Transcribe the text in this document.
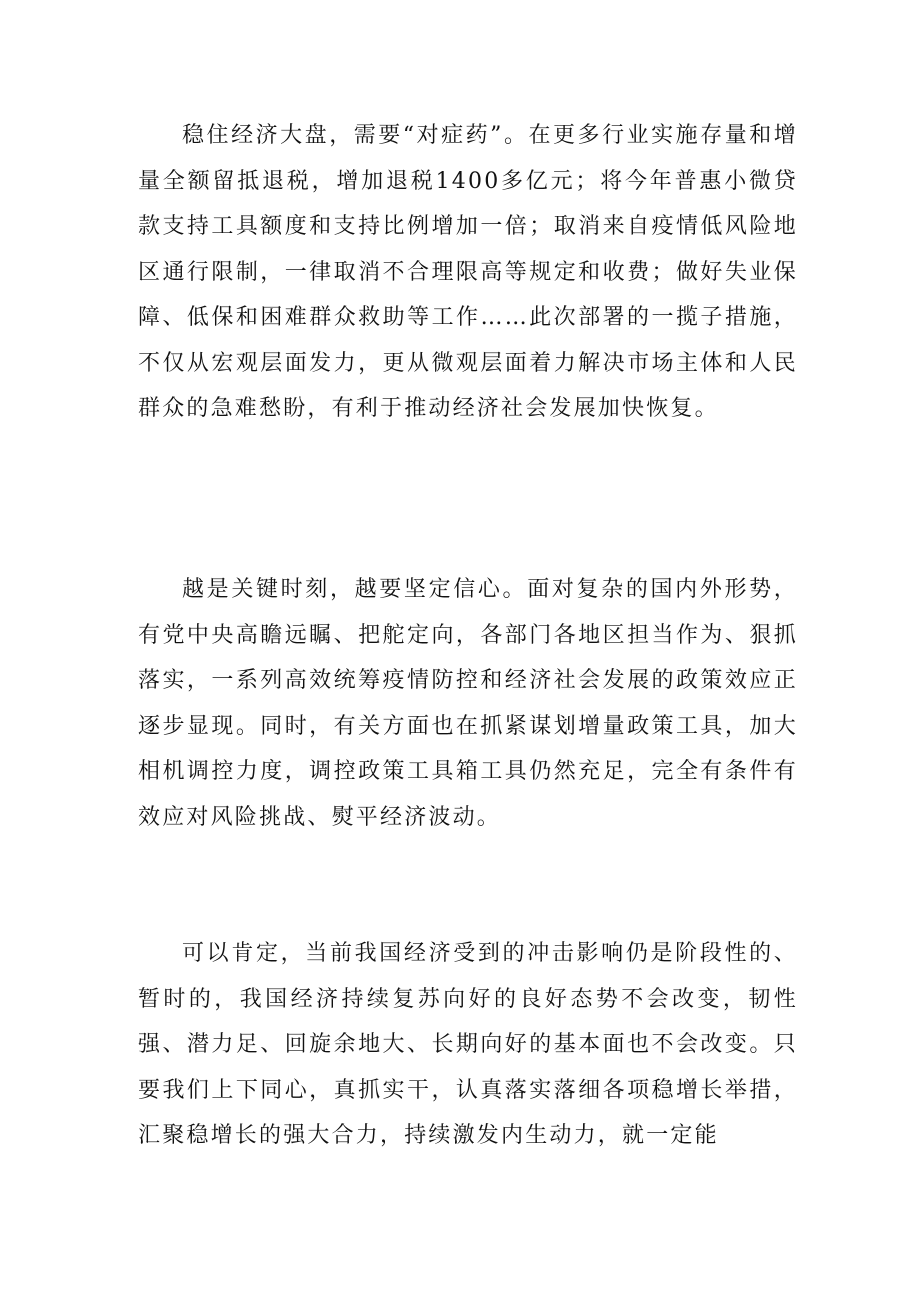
稳住经济大盘，需要“对症药”。在更多行业实施存量和增量全额留抵退税，增加退税1400多亿元；将今年普惠小微贷款支持工具额度和支持比例增加一倍；取消来自疫情低风险地区通行限制，一律取消不合理限高等规定和收费；做好失业保障、低保和困难群众救助等工作……此次部署的一揽子措施，不仅从宏观层面发力，更从微观层面着力解决市场主体和人民群众的急难愁盼，有利于推动经济社会发展加快恢复。

越是关键时刻，越要坚定信心。面对复杂的国内外形势，有党中央高瞻远瞩、把舵定向，各部门各地区担当作为、狠抓落实，一系列高效统筹疫情防控和经济社会发展的政策效应正逐步显现。同时，有关方面也在抓紧谋划增量政策工具，加大相机调控力度，调控政策工具箱工具仍然充足，完全有条件有效应对风险挑战、熨平经济波动。

可以肯定，当前我国经济受到的冲击影响仍是阶段性的、暂时的，我国经济持续复苏向好的良好态势不会改变，韧性强、潜力足、回旋余地大、长期向好的基本面也不会改变。只要我们上下同心，真抓实干，认真落实落细各项稳增长举措，汇聚稳增长的强大合力，持续激发内生动力，就一定能
